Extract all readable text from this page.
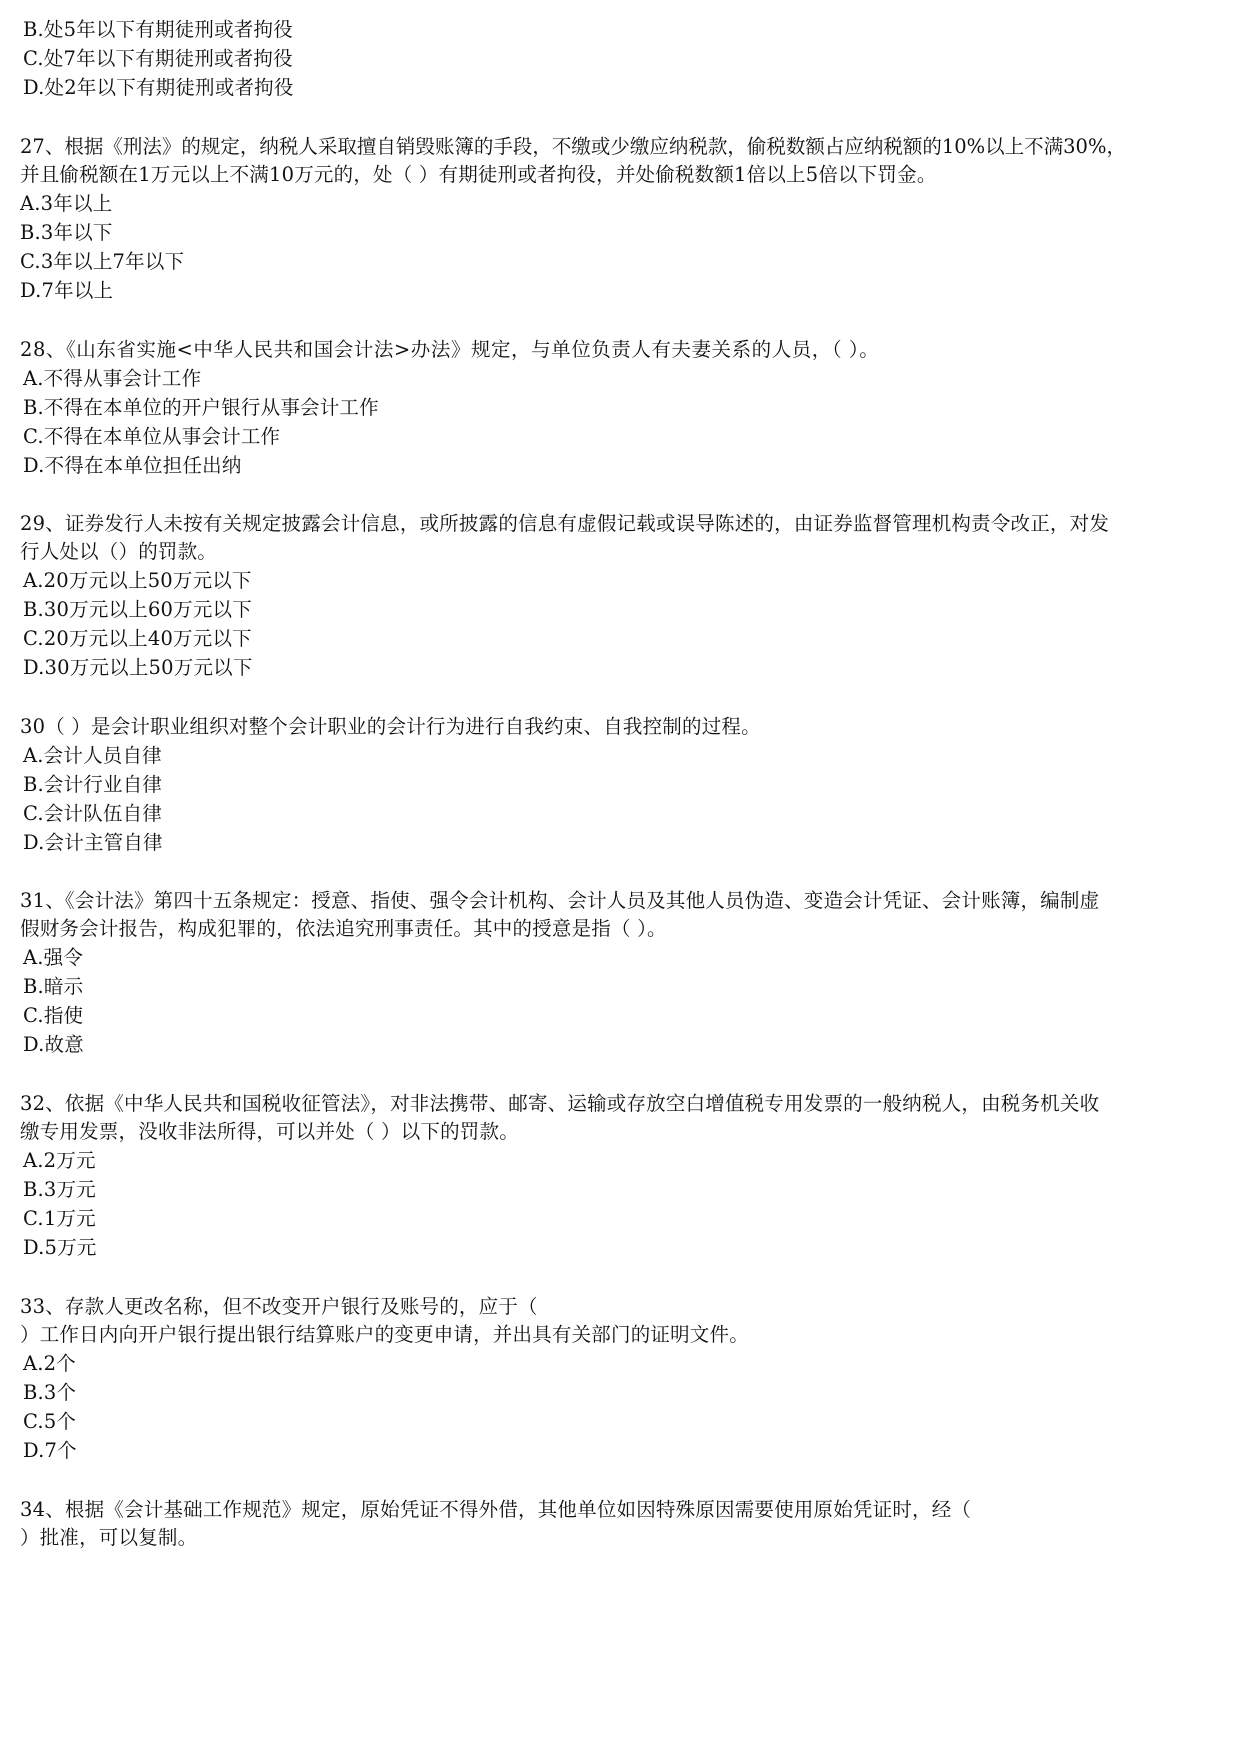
B.处5年以下有期徒刑或者拘役
C.处7年以下有期徒刑或者拘役
D.处2年以下有期徒刑或者拘役
27、根据《刑法》的规定，纳税人采取擅自销毁账簿的手段，不缴或少缴应纳税款，偷税数额占应纳税额的10%以上不满30%，
并且偷税额在1万元以上不满10万元的，处（ ）有期徒刑或者拘役，并处偷税数额1倍以上5倍以下罚金。
A.3年以上
B.3年以下
C.3年以上7年以下
D.7年以上
28、《山东省实施<中华人民共和国会计法>办法》规定，与单位负责人有夫妻关系的人员，（ ）。
A.不得从事会计工作
B.不得在本单位的开户银行从事会计工作
C.不得在本单位从事会计工作
D.不得在本单位担任出纳
29、证券发行人未按有关规定披露会计信息，或所披露的信息有虚假记载或误导陈述的，由证券监督管理机构责令改正，对发
行人处以（）的罚款。
A.20万元以上50万元以下
B.30万元以上60万元以下
C.20万元以上40万元以下
D.30万元以上50万元以下
30（ ）是会计职业组织对整个会计职业的会计行为进行自我约束、自我控制的过程。
A.会计人员自律
B.会计行业自律
C.会计队伍自律
D.会计主管自律
31、《会计法》第四十五条规定：授意、指使、强令会计机构、会计人员及其他人员伪造、变造会计凭证、会计账簿，编制虚
假财务会计报告，构成犯罪的，依法追究刑事责任。其中的授意是指（ ）。
A.强令
B.暗示
C.指使
D.故意
32、依据《中华人民共和国税收征管法》，对非法携带、邮寄、运输或存放空白增值税专用发票的一般纳税人，由税务机关收
缴专用发票，没收非法所得，可以并处（ ）以下的罚款。
A.2万元
B.3万元
C.1万元
D.5万元
33、存款人更改名称，但不改变开户银行及账号的，应于（
）工作日内向开户银行提出银行结算账户的变更申请，并出具有关部门的证明文件。
A.2个
B.3个
C.5个
D.7个
34、根据《会计基础工作规范》规定，原始凭证不得外借，其他单位如因特殊原因需要使用原始凭证时，经（
）批准，可以复制。
